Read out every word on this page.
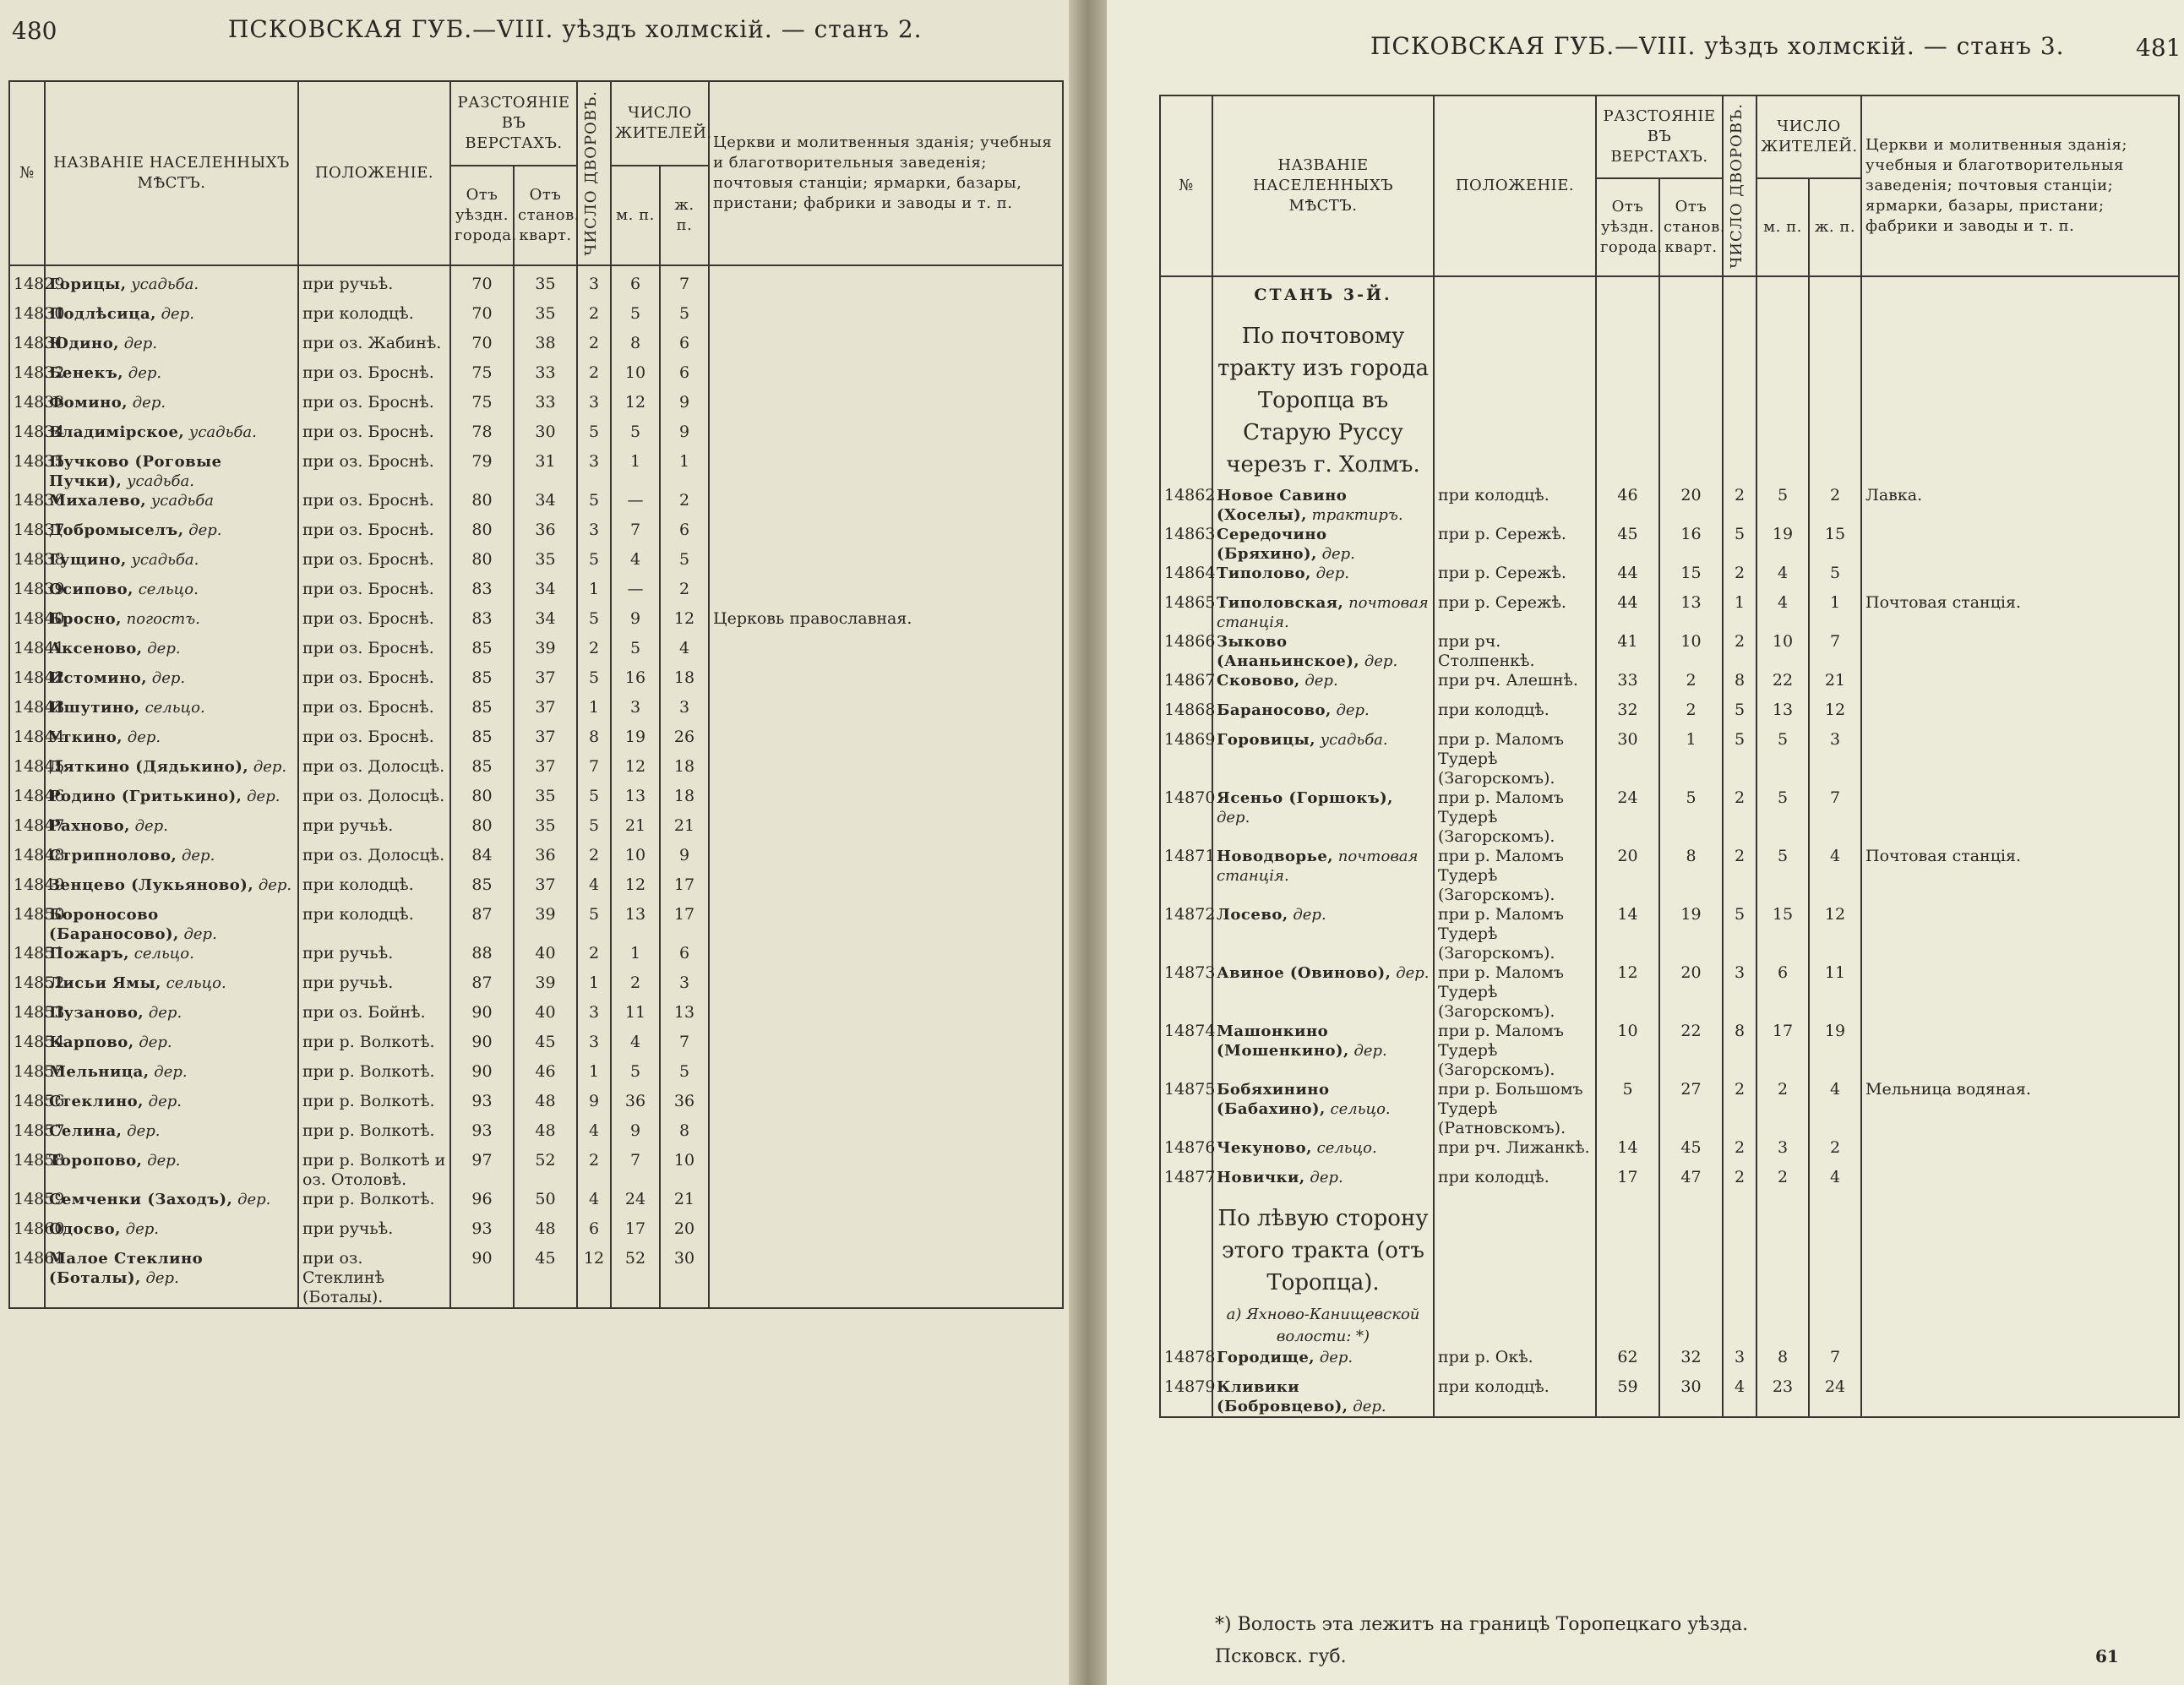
480	ПСКОВСКАЯ ГУБ.—VIII. уѣздъ холмскій. — станъ 2.
№	НАЗВАНІЕ НАСЕЛЕННЫХЪ МѢСТЪ.	ПОЛОЖЕНІЕ.	РАЗСТОЯНІЕ ВЪ ВЕРСТАХЪ.		ЧИСЛО ДВОРОВЪ.	ЧИСЛО ЖИТЕЛЕЙ.		Церкви и молитвенныя зданія; учебныя и благотворительныя заведенія; почтовыя станціи; ярмарки, базары, пристани; фабрики и заводы и т. п.
			Отъ уѣздн. города.	Отъ станов. кварт.		м. п.	ж. п.	
14829	Горицы, усадьба.	при ручьѣ.	70	35	3	6	7	
14830	Подлѣсица, дер.	при колодцѣ.	70	35	2	5	5	
14831	Юдино, дер.	при оз. Жабинѣ.	70	38	2	8	6	
14832	Бенекъ, дер.	при оз. Броснѣ.	75	33	2	10	6	
14833	Фомино, дер.	при оз. Броснѣ.	75	33	3	12	9	
14834	Владимірское, усадьба.	при оз. Броснѣ.	78	30	5	5	9	
14835	Пучково (Роговые Пучки), усадьба.	при оз. Броснѣ.	79	31	3	1	1	
14836	Михалево, усадьба	при оз. Броснѣ.	80	34	5	—	2	
14837	Добромыселъ, дер.	при оз. Броснѣ.	80	36	3	7	6	
14838	Гущино, усадьба.	при оз. Броснѣ.	80	35	5	4	5	
14839	Осипово, сельцо.	при оз. Броснѣ.	83	34	1	—	2	
14840	Бросно, погостъ.	при оз. Броснѣ.	83	34	5	9	12	Церковь православная.
14841	Аксеново, дер.	при оз. Броснѣ.	85	39	2	5	4	
14842	Истомино, дер.	при оз. Броснѣ.	85	37	5	16	18	
14843	Ишутино, сельцо.	при оз. Броснѣ.	85	37	1	3	3	
14844	Уткино, дер.	при оз. Броснѣ.	85	37	8	19	26	
14845	Дяткино (Дядькино), дер.	при оз. Долосцѣ.	85	37	7	12	18	
14846	Родино (Гритькино), дер.	при оз. Долосцѣ.	80	35	5	13	18	
14847	Рахново, дер.	при ручьѣ.	80	35	5	21	21	
14848	Стрипнолово, дер.	при оз. Долосцѣ.	84	36	2	10	9	
14849	Зенцево (Лукьяново), дер.	при колодцѣ.	85	37	4	12	17	
14850	Бороносово (Бараносово), дер.	при колодцѣ.	87	39	5	13	17	
14851	Пожаръ, сельцо.	при ручьѣ.	88	40	2	1	6	
14852	Лисьи Ямы, сельцо.	при ручьѣ.	87	39	1	2	3	
14853	Пузаново, дер.	при оз. Бойнѣ.	90	40	3	11	13	
14854	Карпово, дер.	при р. Волкотѣ.	90	45	3	4	7	
14855	Мельница, дер.	при р. Волкотѣ.	90	46	1	5	5	
14856	Стеклино, дер.	при р. Волкотѣ.	93	48	9	36	36	
14857	Селина, дер.	при р. Волкотѣ.	93	48	4	9	8	
14858	Торопово, дер.	при р. Волкотѣ и оз. Отоловѣ.	97	52	2	7	10	
14859	Семченки (Заходъ), дер.	при р. Волкотѣ.	96	50	4	24	21	
14860	Одосво, дер.	при ручьѣ.	93	48	6	17	20	
14861	Малое Стеклино (Боталы), дер.	при оз. Стеклинѣ (Боталы).	90	45	12	52	30	
ПСКОВСКАЯ ГУБ.—VIII. уѣздъ холмскій. — станъ 3.	481
№	НАЗВАНІЕ НАСЕЛЕННЫХЪ МѢСТЪ.	ПОЛОЖЕНІЕ.	РАЗСТОЯНІЕ ВЪ ВЕРСТАХЪ.		ЧИСЛО ДВОРОВЪ.	ЧИСЛО ЖИТЕЛЕЙ.		Церкви и молитвенныя зданія; учебныя и благотворительныя заведенія; почтовыя станціи; ярмарки, базары, пристани; фабрики и заводы и т. п.
			Отъ уѣздн. города.	Отъ станов. кварт.		м. п.	ж. п.	
	СТАНЪ 3-Й.							
	По почтовому тракту изъ города Торопца въ Старую Руссу черезъ г. Холмъ.							
14862	Новое Савино (Хоселы), трактиръ.	при колодцѣ.	46	20	2	5	2	Лавка.
14863	Середочино (Бряхино), дер.	при р. Сережѣ.	45	16	5	19	15	
14864	Типолово, дер.	при р. Сережѣ.	44	15	2	4	5	
14865	Типоловская, почтовая станція.	при р. Сережѣ.	44	13	1	4	1	Почтовая станція.
14866	Зыково (Ананьинское), дер.	при рч. Столпенкѣ.	41	10	2	10	7	
14867	Сковово, дер.	при рч. Алешнѣ.	33	2	8	22	21	
14868	Бараносово, дер.	при колодцѣ.	32	2	5	13	12	
14869	Горовицы, усадьба.	при р. Маломъ Тудерѣ (Загорскомъ).	30	1	5	5	3	
14870	Ясеньо (Горшокъ), дер.	при р. Маломъ Тудерѣ (Загорскомъ).	24	5	2	5	7	
14871	Новодворье, почтовая станція.	при р. Маломъ Тудерѣ (Загорскомъ).	20	8	2	5	4	Почтовая станція.
14872	Лосево, дер.	при р. Маломъ Тудерѣ (Загорскомъ).	14	19	5	15	12	
14873	Авиное (Овиново), дер.	при р. Маломъ Тудерѣ (Загорскомъ).	12	20	3	6	11	
14874	Машонкино (Мошенкино), дер.	при р. Маломъ Тудерѣ (Загорскомъ).	10	22	8	17	19	
14875	Бобяхинино (Бабахино), сельцо.	при р. Большомъ Тудерѣ (Ратновскомъ).	5	27	2	2	4	Мельница водяная.
14876	Чекуново, сельцо.	при рч. Лижанкѣ.	14	45	2	3	2	
14877	Новички, дер.	при колодцѣ.	17	47	2	2	4	
	По лѣвую сторону этого тракта (отъ Торопца).							
	а) Яхново-Канищевской волости: *)							
14878	Городище, дер.	при р. Окѣ.	62	32	3	8	7	
14879	Кливики (Бобровцево), дер.	при колодцѣ.	59	30	4	23	24	
*) Волость эта лежитъ на границѣ Торопецкаго уѣзда.
Псковск. губ.	61
